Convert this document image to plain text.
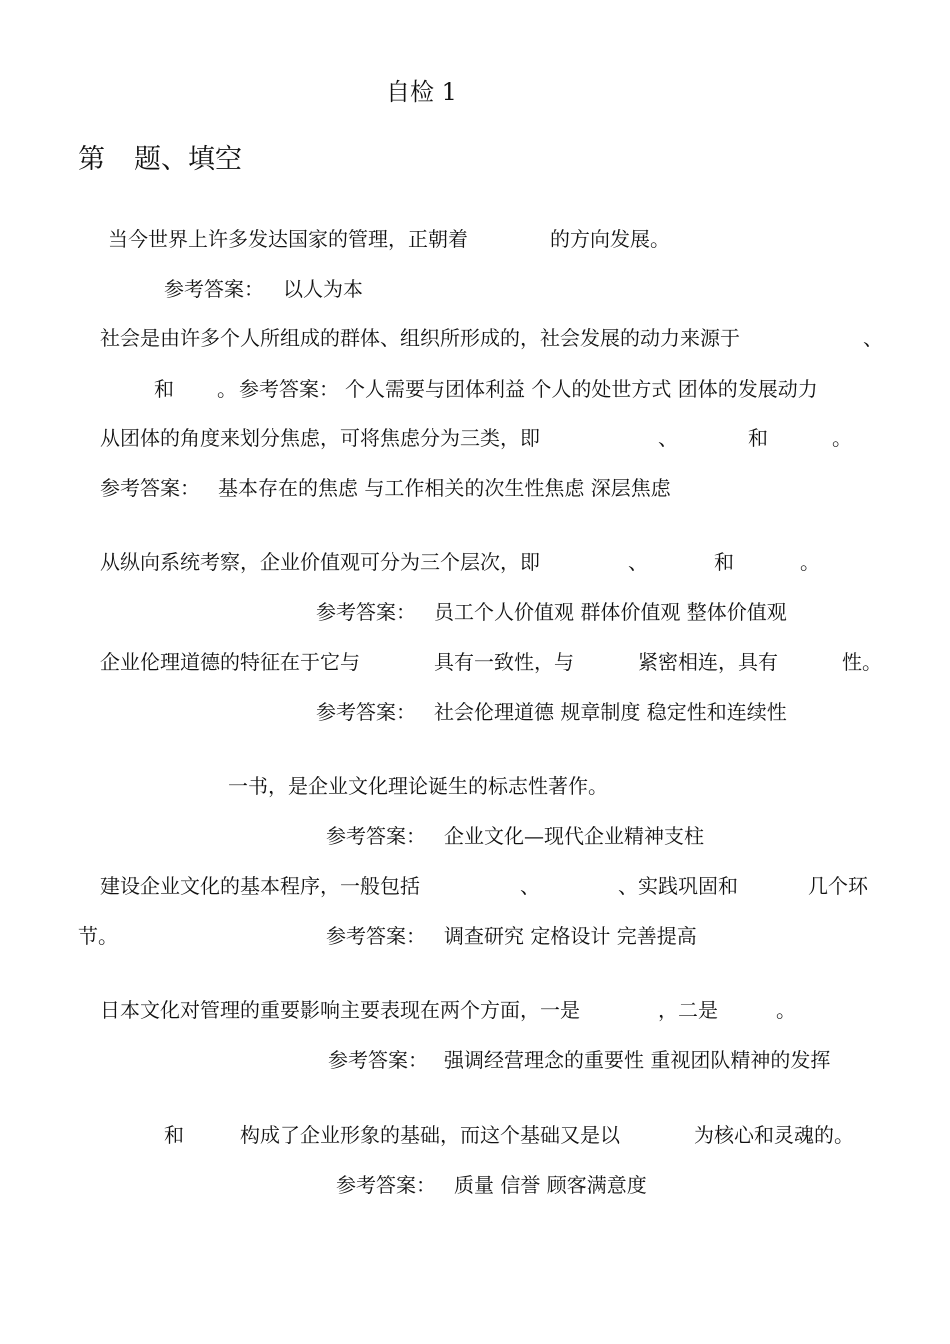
自检 1
第 题、填空
当今世界上许多发达国家的管理，正朝着	的方向发展。
参考答案： 以人为本
社会是由许多个人所组成的群体、组织所形成的，社会发展的动力来源于	、
和 。 参考答案： 个人需要与团体利益 个人的处世方式 团体的发展动力
从团体的角度来划分焦虑，可将焦虑分为三类，即	、	和	。
参考答案： 基本存在的焦虑 与工作相关的次生性焦虑 深层焦虑
从纵向系统考察，企业价值观可分为三个层次，即	、	和	。
参考答案： 员工个人价值观 群体价值观 整体价值观
企业伦理道德的特征在于它与	具有一致性，与	紧密相连，具有	性。
参考答案： 社会伦理道德 规章制度 稳定性和连续性
一书，是企业文化理论诞生的标志性著作。
参考答案： 企业文化—现代企业精神支柱
建设企业文化的基本程序，一般包括	、	、实践巩固和	几个环
节。	参考答案： 调查研究 定格设计 完善提高
日本文化对管理的重要影响主要表现在两个方面，一是	，二是	。
参考答案： 强调经营理念的重要性 重视团队精神的发挥
和	构成了企业形象的基础，而这个基础又是以	为核心和灵魂的。
参考答案： 质量 信誉 顾客满意度
